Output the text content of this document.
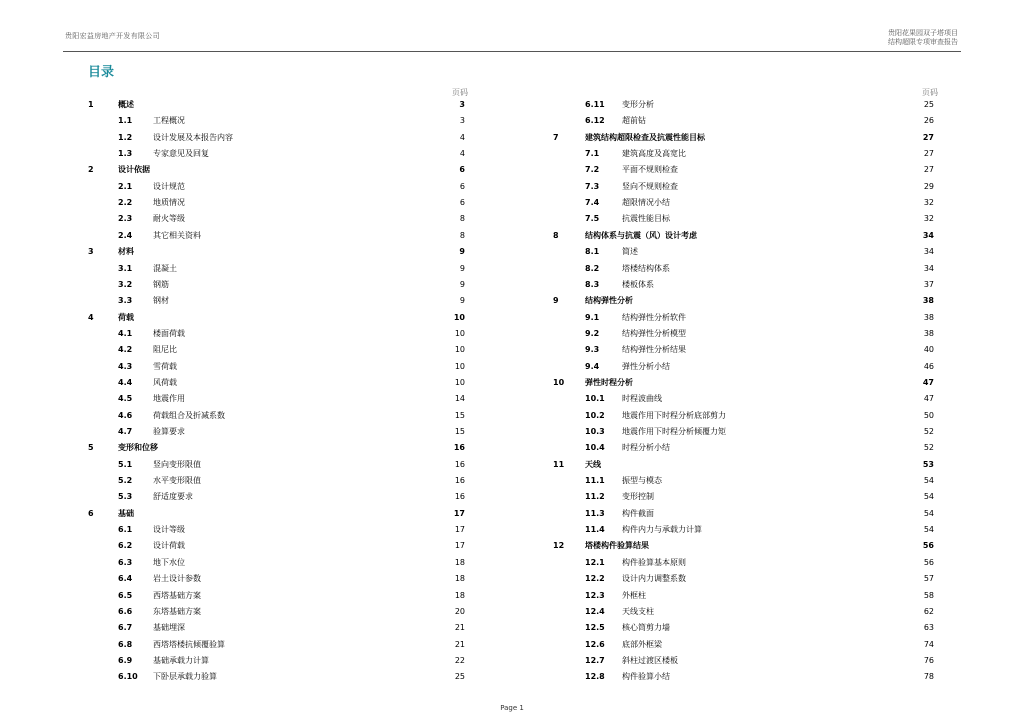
贵阳宏益房地产开发有限公司	贵阳花果园双子塔项目
结构超限专项审查报告
目录
页码	页码
1	概述	3
1.1	工程概况	3
1.2	设计发展及本报告内容	4
1.3	专家意见及回复	4
2	设计依据	6
2.1	设计规范	6
2.2	地质情况	6
2.3	耐火等级	8
2.4	其它相关资料	8
3	材料	9
3.1	混凝土	9
3.2	钢筋	9
3.3	钢材	9
4	荷载	10
4.1	楼面荷载	10
4.2	阻尼比	10
4.3	雪荷载	10
4.4	风荷载	10
4.5	地震作用	14
4.6	荷载组合及折减系数	15
4.7	验算要求	15
5	变形和位移	16
5.1	竖向变形限值	16
5.2	水平变形限值	16
5.3	舒适度要求	16
6	基础	17
6.1	设计等级	17
6.2	设计荷载	17
6.3	地下水位	18
6.4	岩土设计参数	18
6.5	西塔基础方案	18
6.6	东塔基础方案	20
6.7	基础埋深	21
6.8	西塔塔楼抗倾覆验算	21
6.9	基础承载力计算	22
6.10 下卧层承载力验算	25
6.11 变形分析	25
6.12 超前钻	26
7	建筑结构超限检查及抗震性能目标	27
7.1	建筑高度及高宽比	27
7.2	平面不规则检查	27
7.3	竖向不规则检查	29
7.4	超限情况小结	32
7.5	抗震性能目标	32
8	结构体系与抗震（风）设计考虑	34
8.1	简述	34
8.2	塔楼结构体系	34
8.3	楼板体系	37
9	结构弹性分析	38
9.1	结构弹性分析软件	38
9.2	结构弹性分析模型	38
9.3	结构弹性分析结果	40
9.4	弹性分析小结	46
10	弹性时程分析	47
10.1 时程波曲线	47
10.2 地震作用下时程分析底部剪力	50
10.3 地震作用下时程分析倾覆力矩	52
10.4 时程分析小结	52
11	天线	53
11.1 振型与模态	54
11.2 变形控制	54
11.3 构件截面	54
11.4 构件内力与承载力计算	54
12	塔楼构件验算结果	56
12.1 构件验算基本原则	56
12.2 设计内力调整系数	57
12.3 外框柱	58
12.4 天线支柱	62
12.5 核心筒剪力墙	63
12.6 底部外框梁	74
12.7 斜柱过渡区楼板	76
12.8 构件验算小结	78
Page 1
